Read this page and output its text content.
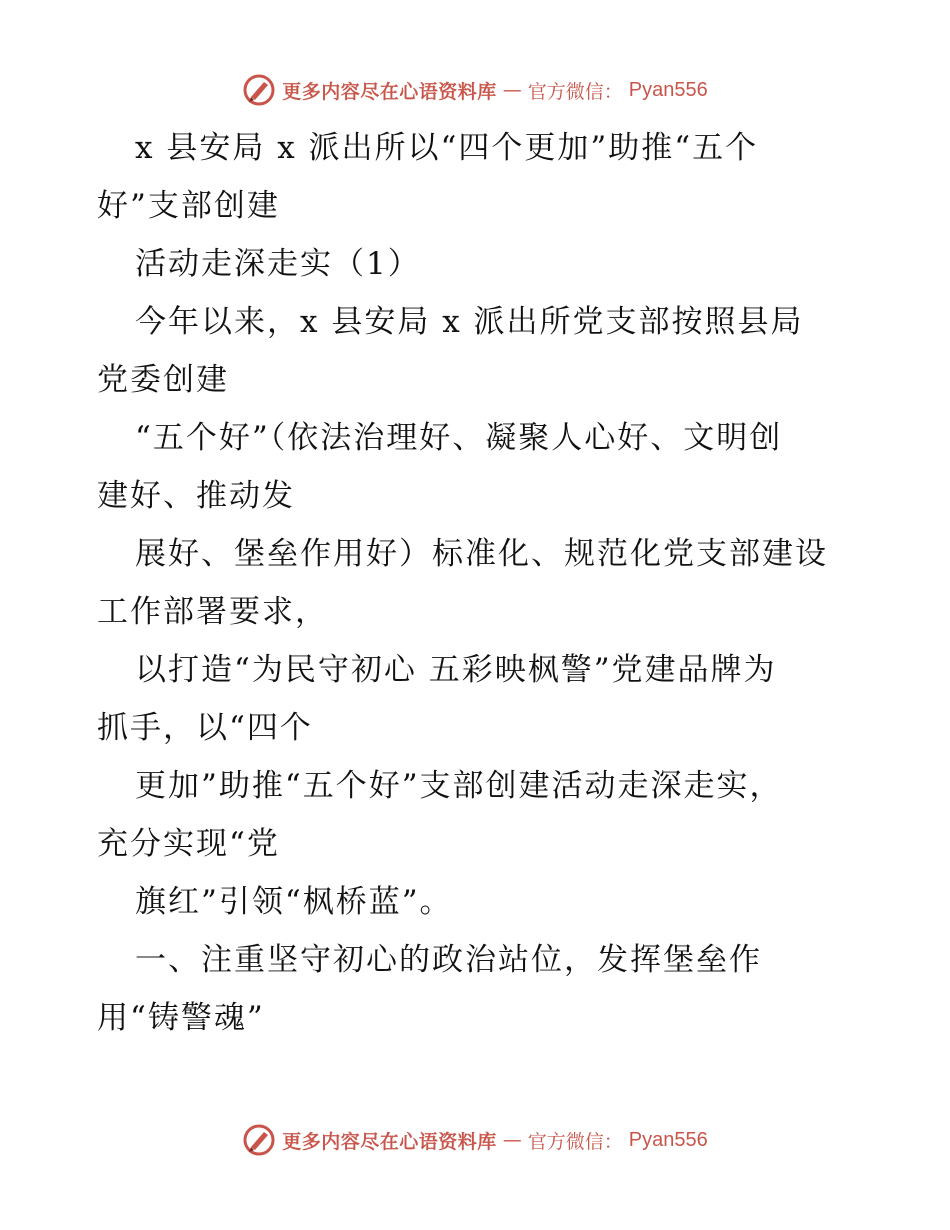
更多内容尽在心语资料库 — 官方微信： Pyan556
x 县安局 x 派出所以“四个更加”助推“五个
好”支部创建
活动走深走实（1）
今年以来，x 县安局 x 派出所党支部按照县局
党委创建
“五个好”（依法治理好、凝聚人心好、文明创
建好、推动发
展好、堡垒作用好）标准化、规范化党支部建设
工作部署要求，
以打造“为民守初心 五彩映枫警”党建品牌为
抓手，以“四个
更加”助推“五个好”支部创建活动走深走实，
充分实现“党
旗红”引领“枫桥蓝”。
一、注重坚守初心的政治站位，发挥堡垒作
用“铸警魂”
更多内容尽在心语资料库 — 官方微信： Pyan556
